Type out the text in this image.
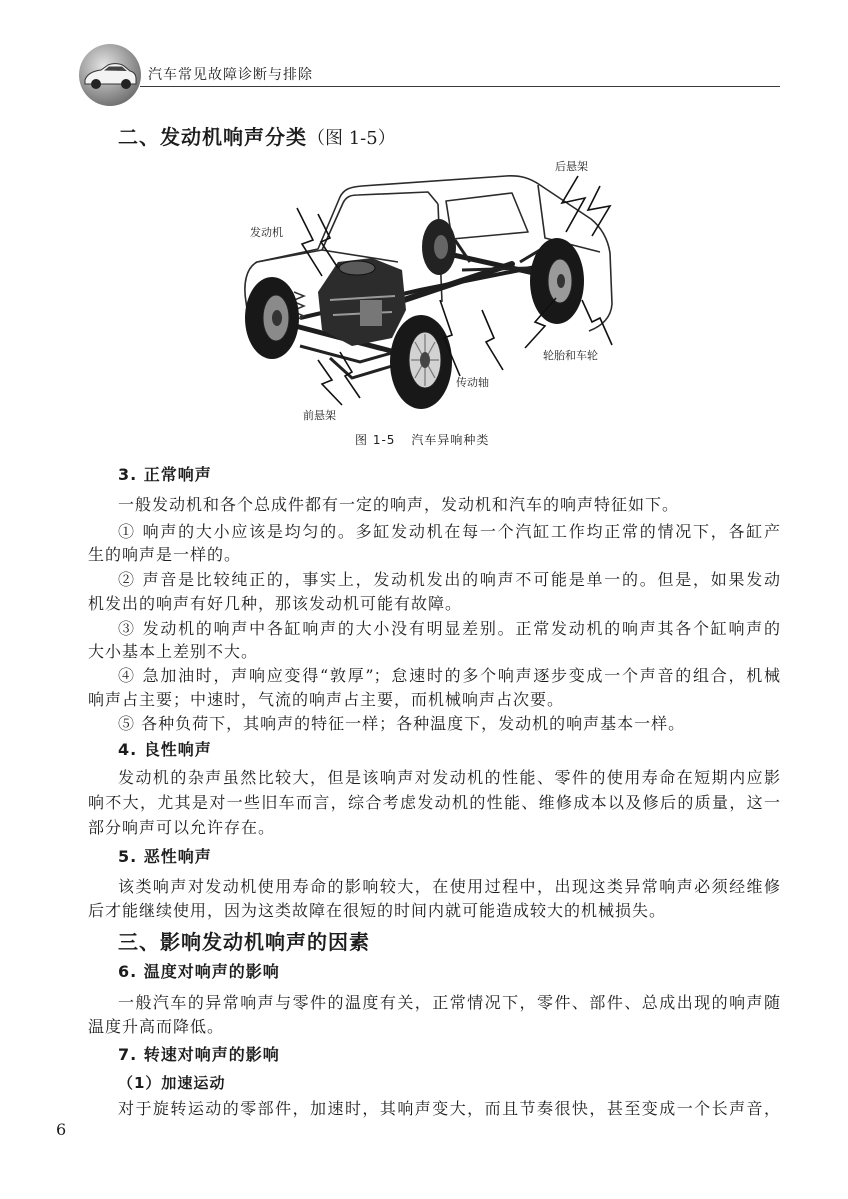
汽车常见故障诊断与排除
二、发动机响声分类（图 1-5）
后悬架
发动机
轮胎和车轮
传动轴
前悬架
图 1-5 汽车异响种类
3. 正常响声
一般发动机和各个总成件都有一定的响声，发动机和汽车的响声特征如下。
① 响声的大小应该是均匀的。多缸发动机在每一个汽缸工作均正常的情况下，各缸产
生的响声是一样的。
② 声音是比较纯正的，事实上，发动机发出的响声不可能是单一的。但是，如果发动
机发出的响声有好几种，那该发动机可能有故障。
③ 发动机的响声中各缸响声的大小没有明显差别。正常发动机的响声其各个缸响声的
大小基本上差别不大。
④ 急加油时，声响应变得“敦厚”；怠速时的多个响声逐步变成一个声音的组合，机械
响声占主要；中速时，气流的响声占主要，而机械响声占次要。
⑤ 各种负荷下，其响声的特征一样；各种温度下，发动机的响声基本一样。
4. 良性响声
发动机的杂声虽然比较大，但是该响声对发动机的性能、零件的使用寿命在短期内应影
响不大，尤其是对一些旧车而言，综合考虑发动机的性能、维修成本以及修后的质量，这一
部分响声可以允许存在。
5. 恶性响声
该类响声对发动机使用寿命的影响较大，在使用过程中，出现这类异常响声必须经维修
后才能继续使用，因为这类故障在很短的时间内就可能造成较大的机械损失。
三、影响发动机响声的因素
6. 温度对响声的影响
一般汽车的异常响声与零件的温度有关，正常情况下，零件、部件、总成出现的响声随
温度升高而降低。
7. 转速对响声的影响
（1）加速运动
对于旋转运动的零部件，加速时，其响声变大，而且节奏很快，甚至变成一个长声音，
6
